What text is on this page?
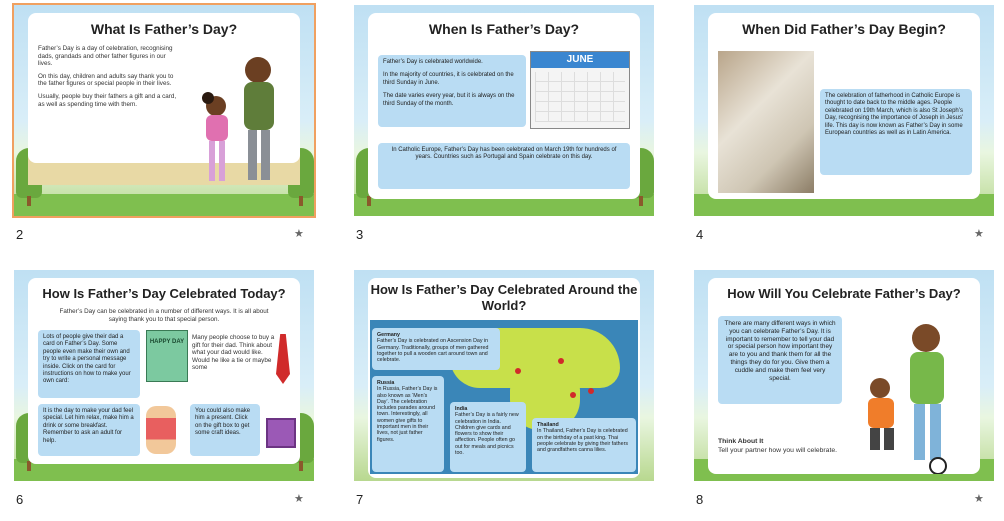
What Is Father’s Day?
Father’s Day is a day of celebration, recognising dads, grandads and other father figures in our lives.
On this day, children and adults say thank you to the father figures or special people in their lives.
Usually, people buy their fathers a gift and a card, as well as spending time with them.
2	★
When Is Father’s Day?
Father’s Day is celebrated worldwide.
In the majority of countries, it is celebrated on the third Sunday in June.
The date varies every year, but it is always on the third Sunday of the month.
JUNE
In Catholic Europe, Father’s Day has been celebrated on March 19th for hundreds of years. Countries such as Portugal and Spain celebrate on this day.
3
When Did Father’s Day Begin?
The celebration of fatherhood in Catholic Europe is thought to date back to the middle ages. People celebrated on 19th March, which is also St Joseph’s Day, recognising the importance of Joseph in Jesus’ life. This day is now known as Father’s Day in some European countries as well as in Latin America.
4	★
How Is Father’s Day Celebrated Today?
Father’s Day can be celebrated in a number of different ways. It is all about saying thank you to that special person.
Lots of people give their dad a card on Father’s Day. Some people even make their own and try to write a personal message inside. Click on the card for instructions on how to make your own card:
HAPPY DAY
Many people choose to buy a gift for their dad. Think about what your dad would like. Would he like a tie or maybe some
It is the day to make your dad feel special. Let him relax, make him a drink or some breakfast. Remember to ask an adult for help.
You could also make him a present. Click on the gift box to get some craft ideas.
6	★
How Is Father’s Day Celebrated Around the World?
Germany
Father’s Day is celebrated on Ascension Day in Germany. Traditionally, groups of men gathered together to pull a wooden cart around town and celebrate.
Russia
In Russia, Father’s Day is also known as ‘Men’s Day’. The celebration includes parades around town. Interestingly, all women give gifts to important men in their lives, not just father figures.
India
Father’s Day is a fairly new celebration in India. Children give cards and flowers to show their affection. People often go out for meals and picnics too.
Thailand
In Thailand, Father’s Day is celebrated on the birthday of a past king. Thai people celebrate by giving their fathers and grandfathers canna lilies.
7
How Will You Celebrate Father’s Day?
There are many different ways in which you can celebrate Father’s Day. It is important to remember to tell your dad or special person how important they are to you and thank them for all the things they do for you. Give them a cuddle and make them feel very special.
Think About It
Tell your partner how you will celebrate.
8	★
